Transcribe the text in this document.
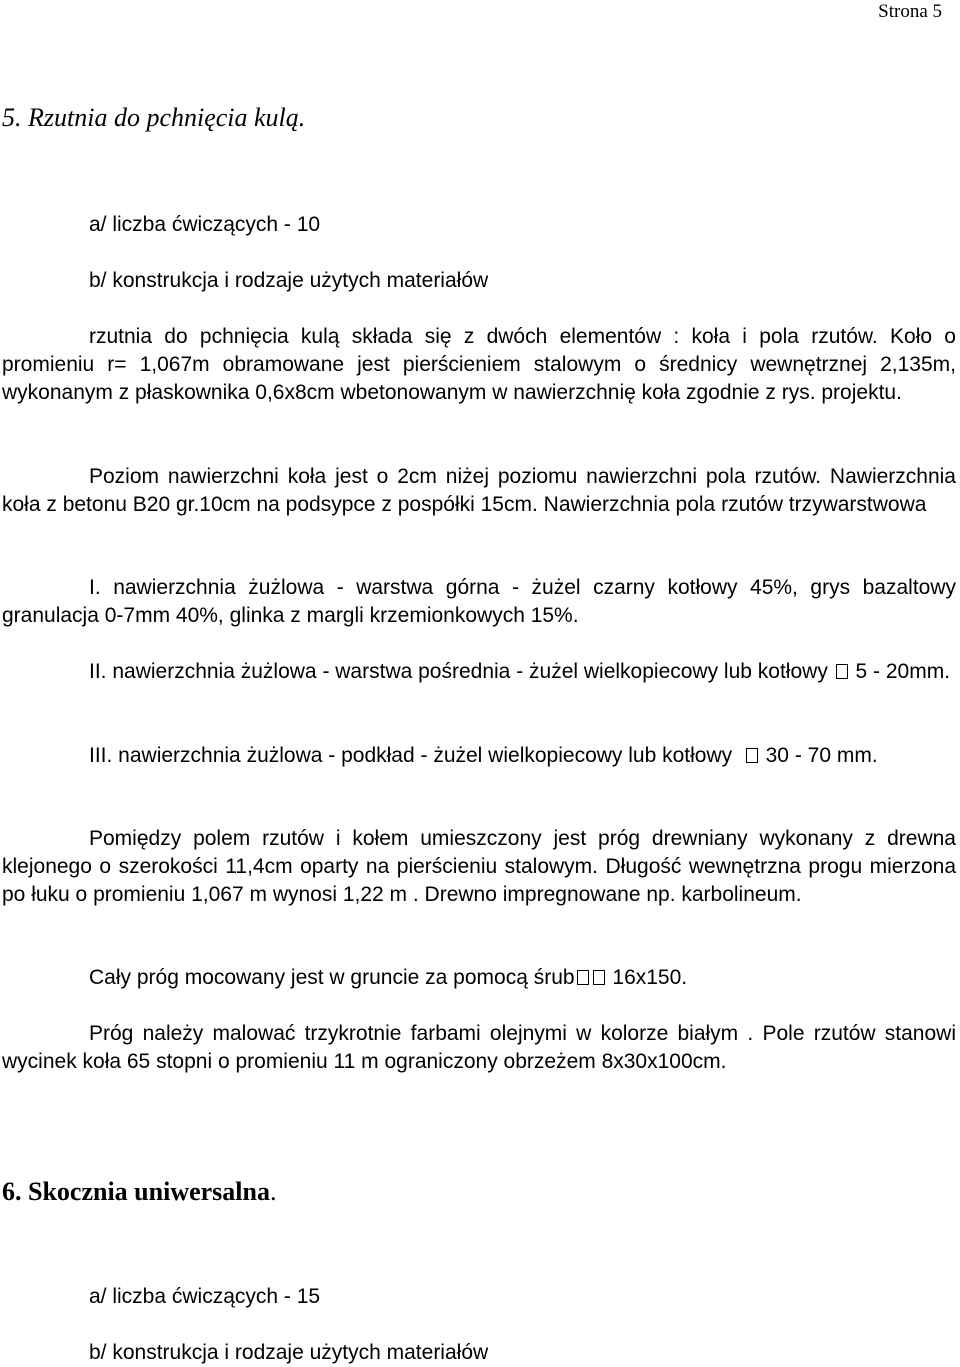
Strona 5
5. Rzutnia do pchnięcia kulą.
a/ liczba ćwiczących - 10
b/ konstrukcja i rodzaje użytych materiałów

rzutnia do pchnięcia kulą składa się z dwóch elementów : koła i pola rzutów. Koło o promieniu r= 1,067m obramowane jest pierścieniem stalowym o średnicy wewnętrznej 2,135m, wykonanym z płaskownika 0,6x8cm wbetonowanym w nawierzchnię koła zgodnie z rys. projektu.

Poziom nawierzchni koła jest o 2cm niżej poziomu nawierzchni pola rzutów. Nawierzchnia koła z betonu B20 gr.10cm na podsypce z pospółki 15cm. Nawierzchnia pola rzutów trzywarstwowa

I. nawierzchnia żużlowa - warstwa górna - żużel czarny kotłowy 45%, grys bazaltowy granulacja 0-7mm 40%, glinka z margli krzemionkowych 15%.

II. nawierzchnia żużlowa - warstwa pośrednia - żużel wielkopiecowy lub kotłowy  5 - 20mm.

III. nawierzchnia żużlowa - podkład - żużel wielkopiecowy lub kotłowy   30 - 70 mm.

Pomiędzy polem rzutów i kołem umieszczony jest próg drewniany wykonany z drewna klejonego o szerokości 11,4cm oparty na pierścieniu stalowym. Długość wewnętrzna progu mierzona po łuku o promieniu 1,067 m wynosi 1,22 m . Drewno impregnowane np. karbolineum.

Cały próg mocowany jest w gruncie za pomocą śrub 16x150.

Próg należy malować trzykrotnie farbami olejnymi w kolorze białym . Pole rzutów stanowi wycinek koła 65 stopni o promieniu 11 m ograniczony obrzeżem 8x30x100cm.

6. Skocznia uniwersalna.
a/ liczba ćwiczących - 15
b/ konstrukcja i rodzaje użytych materiałów
